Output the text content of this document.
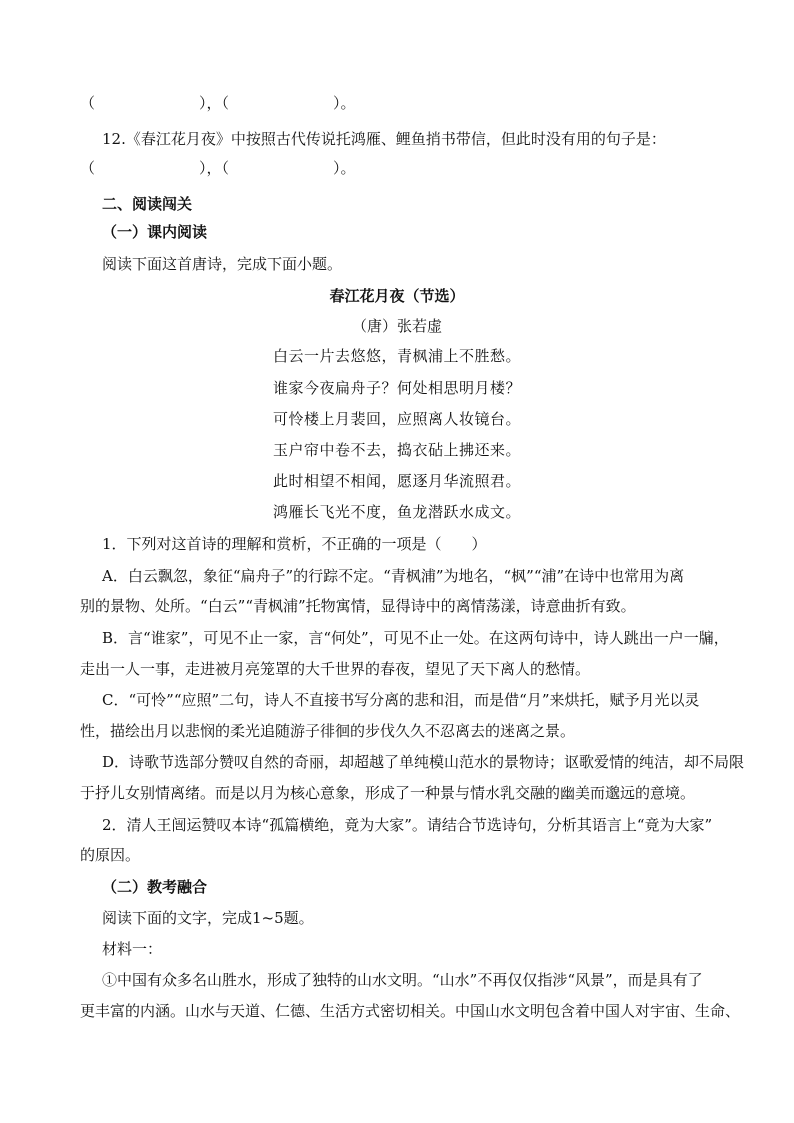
（	），（	）。
12.《春江花月夜》中按照古代传说托鸿雁、鲤鱼捎书带信，但此时没有用的句子是：
（	），（	）。
二、阅读闯关
（一）课内阅读
阅读下面这首唐诗，完成下面小题。
春江花月夜（节选）
（唐）张若虚
白云一片去悠悠，青枫浦上不胜愁。
谁家今夜扁舟子？何处相思明月楼？
可怜楼上月裴回，应照离人妆镜台。
玉户帘中卷不去，捣衣砧上拂还来。
此时相望不相闻，愿逐月华流照君。
鸿雁长飞光不度，鱼龙潜跃水成文。
1．下列对这首诗的理解和赏析，不正确的一项是（　　）
A．白云飘忽，象征“扁舟子”的行踪不定。“青枫浦”为地名，“枫”“浦”在诗中也常用为离
别的景物、处所。“白云”“青枫浦”托物寓情，显得诗中的离情荡漾，诗意曲折有致。
B．言“谁家”，可见不止一家，言“何处”，可见不止一处。在这两句诗中，诗人跳出一户一牖，
走出一人一事，走进被月亮笼罩的大千世界的春夜，望见了天下离人的愁情。
C．“可怜”“应照”二句，诗人不直接书写分离的悲和泪，而是借“月”来烘托，赋予月光以灵
性，描绘出月以悲悯的柔光追随游子徘徊的步伐久久不忍离去的迷离之景。
D．诗歌节选部分赞叹自然的奇丽，却超越了单纯模山范水的景物诗；讴歌爱情的纯洁，却不局限
于抒儿女别情离绪。而是以月为核心意象，形成了一种景与情水乳交融的幽美而邈远的意境。
2．清人王闿运赞叹本诗“孤篇横绝，竟为大家”。请结合节选诗句，分析其语言上“竟为大家”
的原因。
（二）教考融合
阅读下面的文字，完成1~5题。
材料一：
①中国有众多名山胜水，形成了独特的山水文明。“山水”不再仅仅指涉“风景”，而是具有了
更丰富的内涵。山水与天道、仁德、生活方式密切相关。中国山水文明包含着中国人对宇宙、生命、
